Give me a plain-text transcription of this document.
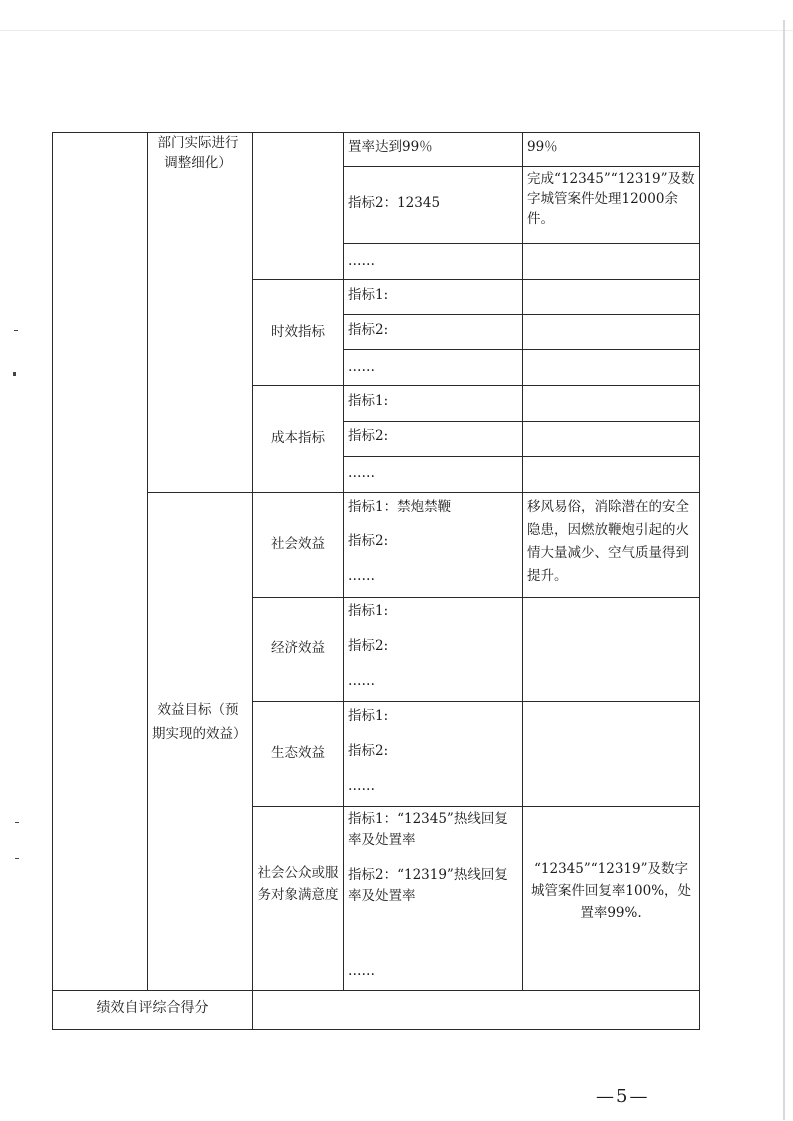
部门实际进行调整细化）
置率达到99％	99％
指标2：12345
完成“12345”“12319”及数字城管案件处理12000余件。
……
时效指标
指标1:
指标2:
……
成本指标
指标1:
指标2:
……
效益目标（预期实现的效益）
社会效益
指标1：禁炮禁鞭
指标2:
……
移风易俗，消除潜在的安全隐患，因燃放鞭炮引起的火情大量减少、空气质量得到提升。
经济效益
指标1:
指标2:
……
生态效益
指标1:
指标2:
……
社会公众或服务对象满意度
指标1：“12345”热线回复率及处置率
指标2：“12319”热线回复率及处置率
……
“12345”“12319”及数字城管案件回复率100%，处置率99%.
绩效自评综合得分
—5—
